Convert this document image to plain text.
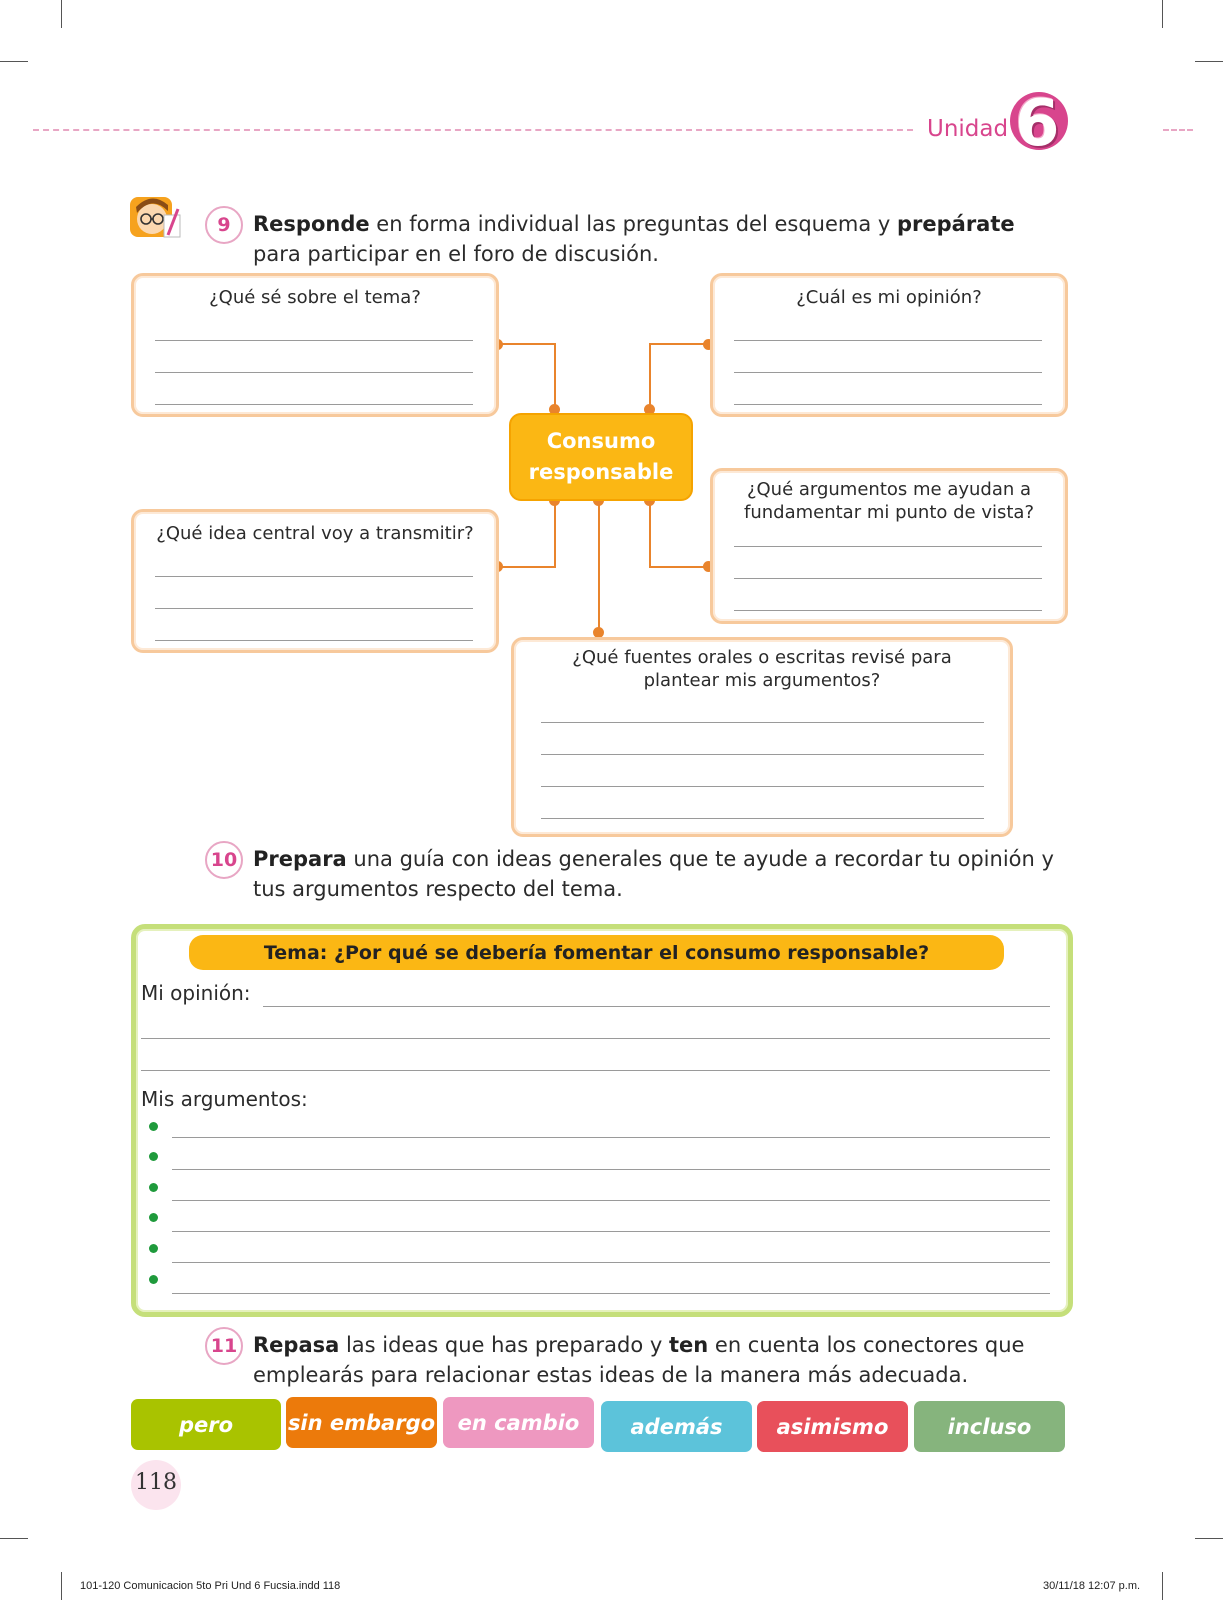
Unidad 6
9	Responde en forma individual las preguntas del esquema y prepárate para participar en el foro de discusión.
¿Qué sé sobre el tema?	¿Cuál es mi opinión?
Consumo
responsable
¿Qué argumentos me ayudan a fundamentar mi punto de vista?
¿Qué idea central voy a transmitir?
¿Qué fuentes orales o escritas revisé para plantear mis argumentos?
10 Prepara una guía con ideas generales que te ayude a recordar tu opinión y tus argumentos respecto del tema.
Tema: ¿Por qué se debería fomentar el consumo responsable?
Mi opinión:
Mis argumentos:
11 Repasa las ideas que has preparado y ten en cuenta los conectores que emplearás para relacionar estas ideas de la manera más adecuada.
pero	sin embargo en cambio además	asimismo	incluso
118
101-120 Comunicacion 5to Pri Und 6 Fucsia.indd 118	30/11/18 12:07 p.m.
